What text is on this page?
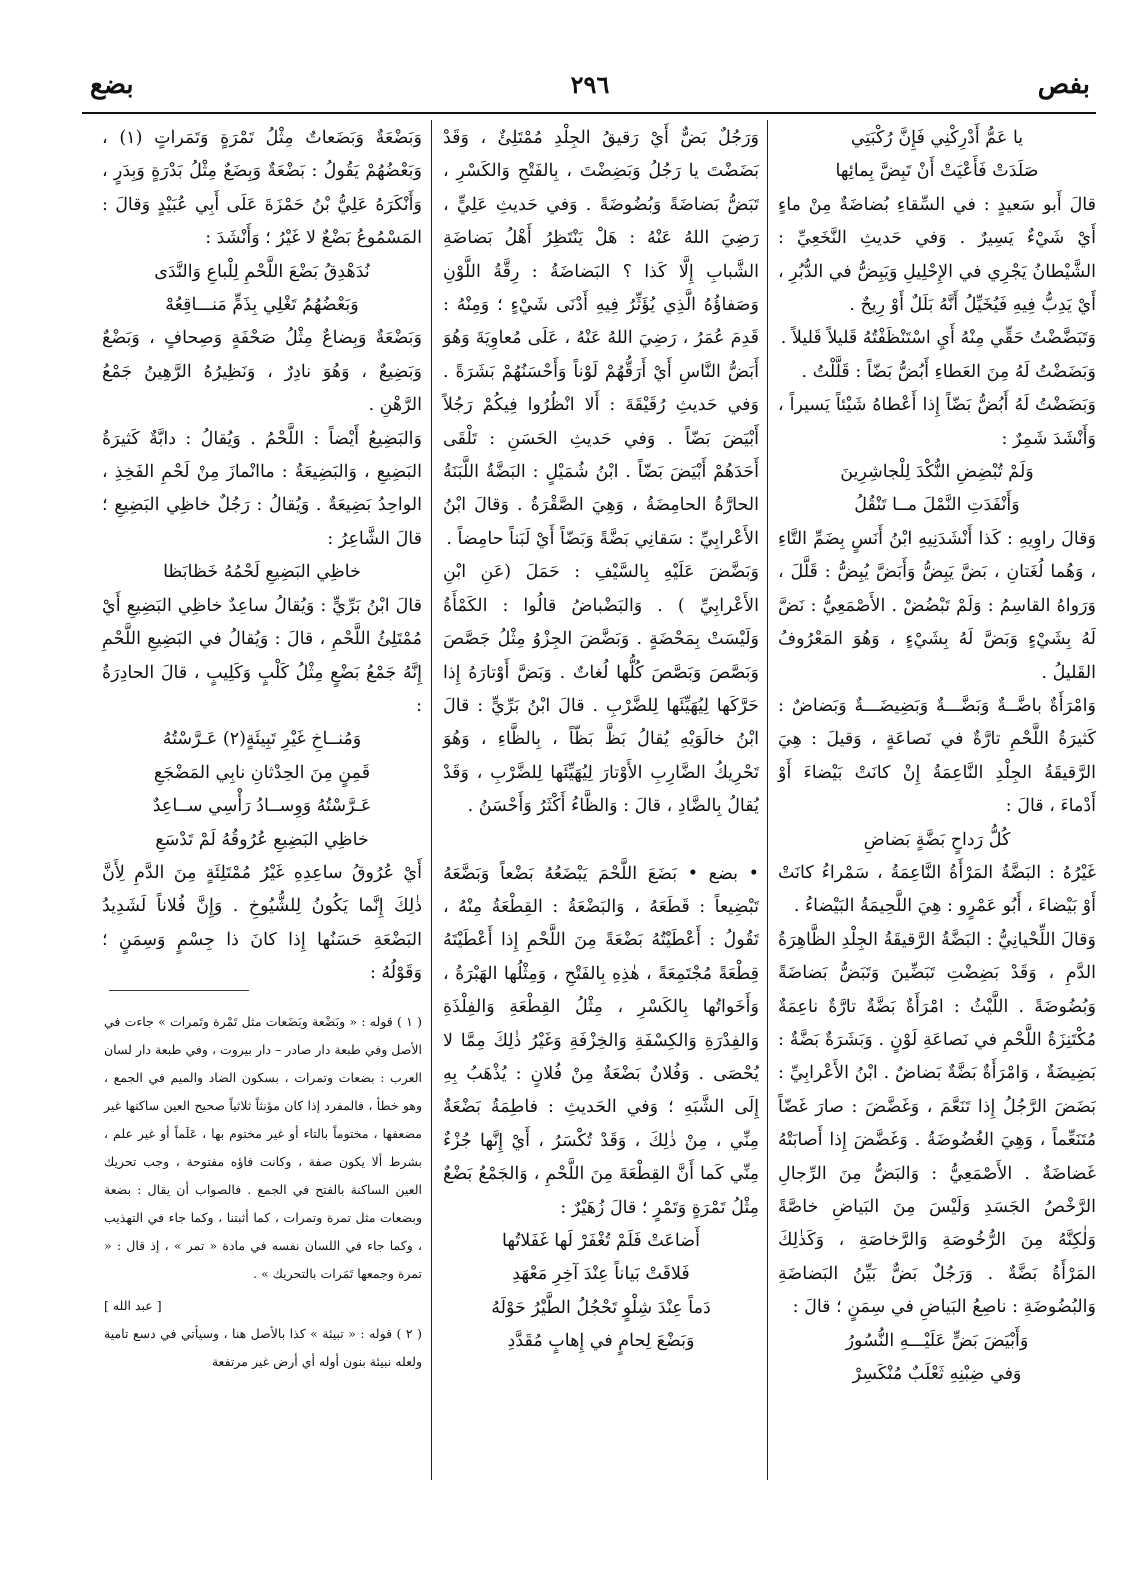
بفص
٢٩٦
بضع

يا عَمُّ أَدْرِكْنِي فَإِنَّ رُكْبَتِي

صَلَدَتْ فَأَعْيَتْ أَنْ تَبِضَّ بِمائِها

قالَ أَبو سَعيدٍ : في السِّقاءِ بُضاضَةٌ مِنْ ماءٍ أَيْ شَيْءٌ يَسِيرٌ . وَفي حَديثِ النَّخَعِيِّ : الشَّيْطانُ يَجْرِي في الإِحْلِيلِ وَيَبِضُّ في الدُّبُرِ ، أَيْ يَدِبُّ فِيهِ فَيُخَيِّلُ أَنَّهُ بَلَلٌ أَوْ رِيحٌ .

وَتَبَضَّضْتُ حَقِّي مِنْهُ أَيِ اسْتَنْظَفْتُهُ قَليلاً قَليلاً .

وَبَضَضْتُ لَهُ مِنَ العَطاءِ أَبُضُّ بَضّاً : قَلَّلْتُ .

وَبَضَضْتُ لَهُ أَبُضُّ بَضّاً إِذا أَعْطاهُ شَيْئاً يَسيراً ، وَأَنْشَدَ شَمِرٌ :

وَلَمْ تُبْضِضِ النُّكْدَ لِلْجاشِرِينَ

وَأَنْفَدَتِ النَّمْلَ مــا تَنْقُلُ

وَقالَ راوِيهِ : كَذا أَنْشَدَنِيهِ ابْنُ أَنَسٍ بِضَمِّ التَّاءِ ، وَهُما لُغَتانِ ، بَضَّ يَبِضُّ وَأَبَضَّ يُبِضُّ : قَلَّلَ ، وَرَواهُ القاسِمُ : وَلَمْ تَبْضُضْ . الأَصْمَعِيُّ : نَضَّ لَهُ بِشَيْءٍ وَبَضَّ لَهُ بِشَيْءٍ ، وَهُوَ المَعْرُوفُ القَليلُ .

وَامْرَأَةٌ باضَّــةٌ وَبَضَّـــةٌ وَبَضِيضَـــةٌ وَبَضاضٌ : كَثيرَةُ اللَّحْمِ تارَّةٌ في نَصاعَةٍ ، وَقيلَ : هِيَ الرَّقيقَةُ الجِلْدِ النَّاعِمَةُ إِنْ كانَتْ بَيْضاءَ أَوْ أَدْماءَ ، قالَ :

كُلُّ رَداحٍ بَضَّةٍ بَضاضِ

غَيْرُهُ : البَضَّةُ المَرْأَةُ النَّاعِمَةُ ، سَمْراءُ كانَتْ أَوْ بَيْضاءَ ، أَبُو عَمْرٍو : هِيَ اللَّحِيمَةُ البَيْضاءُ .

وَقالَ اللِّحْيانِيُّ : البَضَّةُ الرَّقيقَةُ الجِلْدِ الظَّاهِرَةُ الدَّمِ ، وَقَدْ بَضِضْتِ تَبَضِّينَ وَتَبَضُّ بَضاضَةً وَبُضُوضَةً . اللَّيْثُ : امْرَأَةٌ بَضَّةٌ تارَّةٌ ناعِمَةٌ مُكْتَنِزَةُ اللَّحْمِ في نَصاعَةِ لَوْنٍ . وَبَشَرَةٌ بَضَّةٌ : بَضِيضَةٌ ، وَامْرَأَةٌ بَضَّةٌ بَضاضٌ . ابْنُ الأَعْرابِيِّ : بَضَضَ الرَّجُلُ إِذا تَنَعَّمَ ، وَغَضَّضَ : صارَ غَضّاً مُتَنَعِّماً ، وَهِيَ الغُضُوضَةُ . وَغَضَّضَ إِذا أَصابَتْهُ غَضاضَةٌ . الأَصْمَعِيُّ : وَالبَضُّ مِنَ الرِّجالِ الرَّخْصُ الجَسَدِ وَلَيْسَ مِنَ البَياضِ خاصَّةً وَلٰكِنَّهُ مِنَ الرُّخُوصَةِ وَالرَّخاصَةِ ، وَكَذٰلِكَ المَرْأَةُ بَضَّةٌ . وَرَجُلٌ بَضٌّ بَيِّنُ البَضاضَةِ وَالبُضُوضَةِ : ناصِعُ البَياضِ في سِمَنٍ ؛ قالَ :

وَأَبْيَضَ بَضٍّ عَلَيْـــهِ النُّسُورُ

وَفي ضِبْنِهِ ثَعْلَبٌ مُنْكَسِرْ

وَرَجُلٌ بَضٌّ أَيْ رَقيقُ الجِلْدِ مُمْتَلِئٌ ، وَقَدْ بَضَضْتَ يا رَجُلُ وَبَضِضْتَ ، بِالفَتْحِ وَالكَسْرِ ، تَبَضُّ بَضاضَةً وَبُضُوضَةً . وَفي حَديثِ عَلِيٍّ ، رَضِيَ اللهُ عَنْهُ : هَلْ يَنْتَظِرُ أَهْلُ بَضاضَةِ الشَّبابِ إِلَّا كَذا ؟ البَضاضَةُ : رِقَّةُ اللَّوْنِ وَصَفاؤُهُ الَّذِي يُؤَثِّرُ فِيهِ أَدْنَى شَيْءٍ ؛ وَمِنْهُ : قَدِمَ عُمَرُ ، رَضِيَ اللهُ عَنْهُ ، عَلَى مُعاوِيَةَ وَهُوَ أَبَضُّ النَّاسِ أَيْ أَرَقُّهُمْ لَوْناً وَأَحْسَنُهُمْ بَشَرَةً . وَفي حَديثِ رُقَيْقَةَ : أَلا انْظُرُوا فِيكُمْ رَجُلاً أَبْيَضَ بَضّاً . وَفي حَديثِ الحَسَنِ : تَلْقَى أَحَدَهُمْ أَبْيَضَ بَضّاً . ابْنُ شُمَيْلٍ : البَضَّةُ اللَّبَنَةُ الحارَّةُ الحامِضَةُ ، وَهِيَ الصَّقْرَةُ . وَقالَ ابْنُ الأَعْرابِيِّ : سَقانِي بَضَّةً وَبَضّاً أَيْ لَبَناً حامِضاً .

وَبَضَّضَ عَلَيْهِ بِالسَّيْفِ : حَمَلَ (عَنِ ابْنِ الأَعْرابِيِّ ) . وَالبَضْباضُ قالُوا : الكَمْأَةُ وَلَيْسَتْ بِمَحْضَةٍ . وَبَضَّضَ الجِزْوُ مِثْلُ جَصَّصَ وَبَصَّصَ وَبَصَّصَ كُلُّها لُغاتٌ . وَبَضَّ أَوْتارَهُ إِذا حَرَّكَها لِيُهَيِّئَها لِلضَّرْبِ . قالَ ابْنُ بَرِّيٍّ : قالَ ابْنُ خالَوَيْهِ يُقالُ بَظَّ بَظّاً ، بِالظَّاءِ ، وَهُوَ تَحْرِيكُ الضَّارِبِ الأَوْتارَ لِيُهَيِّئَها لِلضَّرْبِ ، وَقَدْ يُقالُ بِالضَّادِ ، قالَ : وَالظَّاءُ أَكْثَرُ وَأَحْسَنُ .

• بضع • بَضَعَ اللَّحْمَ يَبْضَعُهُ بَضْعاً وَبَضَّعَهُ تَبْضِيعاً : قَطَعَهُ ، وَالبَضْعَةُ : القِطْعَةُ مِنْهُ ، تَقُولُ : أَعْطَيْتُهُ بَضْعَةً مِنَ اللَّحْمِ إِذا أَعْطَيْتَهُ قِطْعَةً مُجْتَمِعَةً ، هٰذِهِ بِالفَتْحِ ، وَمِثْلُها الهَبْرَةُ ، وَأَخَواتُها بِالكَسْرِ ، مِثْلُ القِطْعَةِ وَالفِلْذَةِ وَالفِدْرَةِ وَالكِسْفَةِ وَالخِزْفَةِ وَغَيْرُ ذٰلِكَ مِمَّا لا يُحْصَى . وَفُلانٌ بَضْعَةٌ مِنْ فُلانٍ : يُذْهَبُ بِهِ إِلَى الشَّبَهِ ؛ وَفي الحَديثِ : فاطِمَةُ بَضْعَةٌ مِنِّي ، مِنْ ذٰلِكَ ، وَقَدْ تُكْسَرُ ، أَيْ إِنَّها جُزْءٌ مِنِّي كَما أَنَّ القِطْعَةَ مِنَ اللَّحْمِ ، وَالجَمْعُ بَضْعٌ مِثْلُ تَمْرَةٍ وَتَمْرٍ ؛ قالَ زُهَيْرٌ :

أَضاعَتْ فَلَمْ تُغْفَرْ لَها غَفَلاتُها

فَلاقَتْ بَياناً عِنْدَ آخِرِ مَعْهَدِ

دَماً عِنْدَ شِلْوٍ تَحْجُلُ الطَّيْرُ حَوْلَهُ

وَبَضْعَ لِحامٍ في إِهابٍ مُقَدَّدِ

وَبَضْعَةٌ وَبَضَعاتٌ مِثْلُ تَمْرَةٍ وَتَمَراتٍ (١) ، وَبَعْضُهُمْ يَقُولُ : بَضْعَةٌ وَبِضَعٌ مِثْلُ بَدْرَةٍ وَبِدَرٍ ، وَأَنْكَرَهُ عَلِيُّ بْنُ حَمْزَةَ عَلَى أَبِي عُبَيْدٍ وَقالَ : المَسْمُوعُ بَضْعٌ لا غَيْرُ ؛ وَأَنْشَدَ :

نُدَهْدِقُ بَضْعَ اللَّحْمِ لِلْباعِ وَالنَّدَى

وَبَعْضُهُمُ تَغْلِي بِذَمٍّ مَنـــاقِعُهْ

وَبَضْعَةٌ وَبِضاعٌ مِثْلُ صَحْفَةٍ وَصِحافٍ ، وَبَضْعٌ وَبَضِيعٌ ، وَهُوَ نادِرٌ ، وَنَظِيرُهُ الرَّهِينُ جَمْعُ الرَّهْنِ .

وَالبَضِيعُ أَيْضاً : اللَّحْمُ . وَيُقالُ : دابَّةٌ كَثيرَةُ البَضِيعِ ، وَالبَضِيعَةُ : ماانْمازَ مِنْ لَحْمِ الفَخِذِ ، الواحِدُ بَضِيعَةٌ . وَيُقالُ : رَجُلٌ خاظِي البَضِيعِ ؛ قالَ الشَّاعِرُ :

خاظِي البَضِيعِ لَحْمُهُ خَظابَظا

قالَ ابْنُ بَرِّيٍّ : وَيُقالُ ساعِدٌ خاظِي البَضِيعِ أَيْ مُمْتَلِئُ اللَّحْمِ ، قالَ : وَيُقالُ في البَضِيعِ اللَّحْمِ إِنَّهُ جَمْعُ بَضْعٍ مِثْلُ كَلْبٍ وَكَلِيبٍ ، قالَ الحادِرَةُ :

وَمُنــاخِ غَيْرِ تَبِيئَةٍ(٢) عَـرَّسْتُهُ

قَمِنٍ مِنَ الحِدْثانِ نابِي المَضْجَعِ

عَـرَّسْتُهُ وَوِســادُ رَأْسِي ســاعِدٌ

خاظِي البَضِيعِ عُرُوقُهُ لَمْ تَدْسَعِ

أَيْ عُرُوقُ ساعِدِهِ غَيْرُ مُمْتَلِئَةٍ مِنَ الدَّمِ لِأَنَّ ذٰلِكَ إِنَّما يَكُونُ لِلشُّيُوخِ . وَإِنَّ فُلاناً لَشَدِيدُ البَضْعَةِ حَسَنُها إِذا كانَ ذا جِسْمٍ وَسِمَنٍ ؛ وَقَوْلُهُ :

( ١ ) قوله : « وبَضْعة وبَضَعات مثل تَمْرة وتَمرات » جاءت في الأصل وفي طبعة دار صادر – دار بيروت ، وفي طبعة دار لسان العرب : بضعات وتمرات ، بسكون الضاد والميم في الجمع ، وهو خطأ ، فالمفرد إذا كان مؤنثاً ثلاثياً صحيح العين ساكنها غير مضعفها ، مختوماً بالتاء أو غير مختوم بها ، عَلَماً أو غير علم ، بشرط ألا يكون صفة ، وكانت فاؤه مفتوحة ، وجب تحريك العين الساكنة بالفتح في الجمع . فالصواب أن يقال : بضعة وبضعات مثل تمرة وتمرات ، كما أثبتنا ، وكما جاء في التهذيب ، وكما جاء في اللسان نفسه في مادة « تمر » ، إذ قال : « تمرة وجمعها تَمَرات بالتحريك » .

[ عبد الله ]

( ٢ ) قوله : « تبيئة » كذا بالأصل هنا ، وسيأتي في دسع تامية ولعله نبيئة بنون أوله أي أرض غير مرتفعة
